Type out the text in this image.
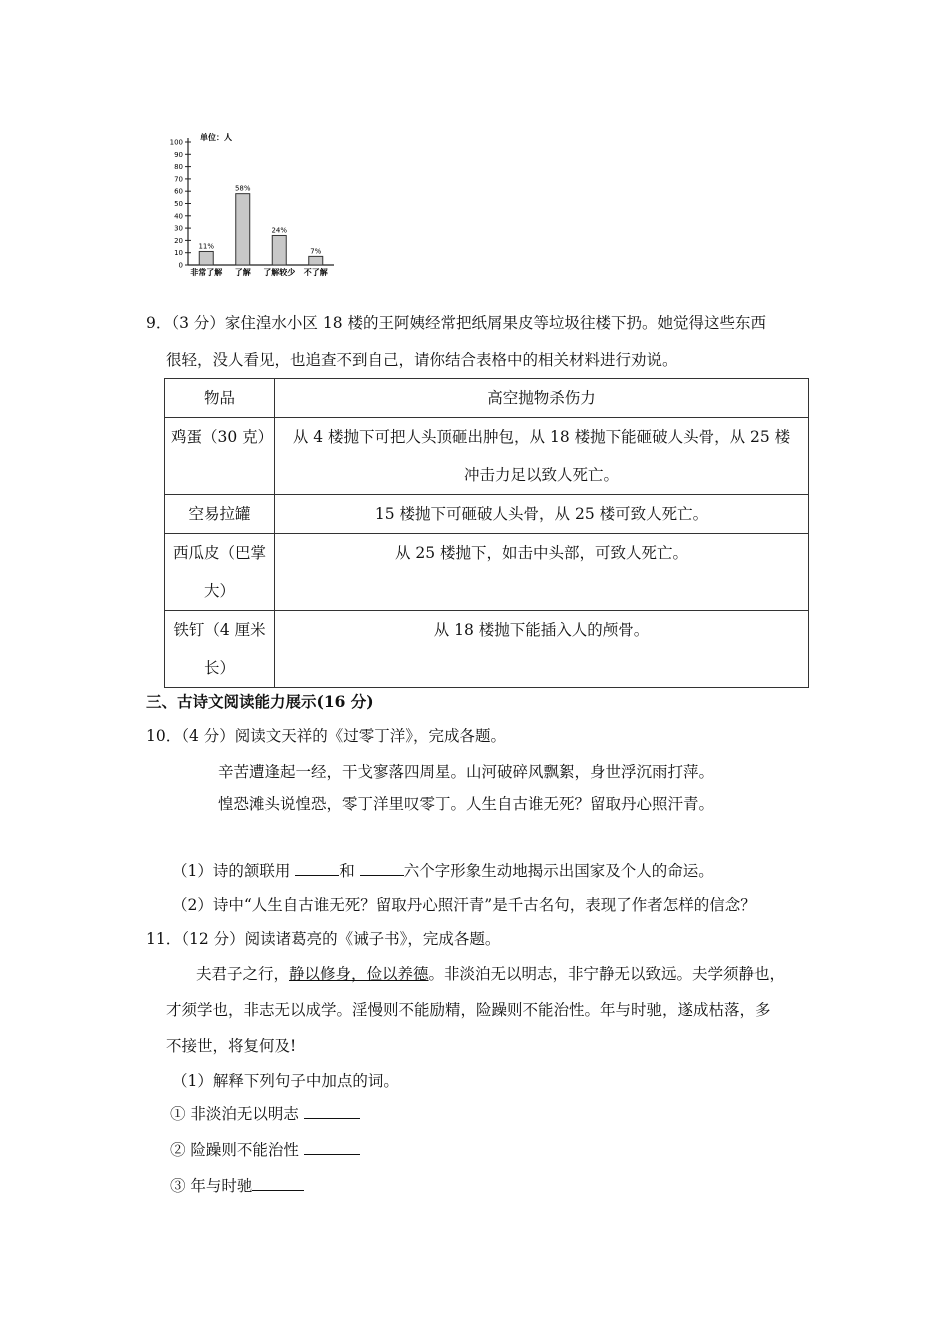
0
10
20
30
40
50
60
70
80
90
100
单位：人
11%
非常了解
58%
了解
24%
了解较少
7%
不了解
9．（3 分）家住湟水小区 18 楼的王阿姨经常把纸屑果皮等垃圾往楼下扔。她觉得这些东西
很轻，没人看见，也追查不到自己，请你结合表格中的相关材料进行劝说。
物品	高空抛物杀伤力

鸡蛋（30 克）	从 4 楼抛下可把人头顶砸出肿包，从 18 楼抛下能砸破人头骨，从 25 楼
冲击力足以致人死亡。

空易拉罐	15 楼抛下可砸破人头骨，从 25 楼可致人死亡。

西瓜皮（巴掌
大）	从 25 楼抛下，如击中头部，可致人死亡。

铁钉（4 厘米
长）	从 18 楼抛下能插入人的颅骨。
三、古诗文阅读能力展示(16 分)
10．（4 分）阅读文天祥的《过零丁洋》，完成各题。
辛苦遭逢起一经，干戈寥落四周星。山河破碎风飘絮，身世浮沉雨打萍。
惶恐滩头说惶恐，零丁洋里叹零丁。人生自古谁无死？留取丹心照汗青。
（1）诗的颔联用	和	六个字形象生动地揭示出国家及个人的命运。
（2）诗中“人生自古谁无死？留取丹心照汗青”是千古名句，表现了作者怎样的信念？
11．（12 分）阅读诸葛亮的《诫子书》，完成各题。
夫君子之行，静以修身，俭以养德。非淡泊无以明志，非宁静无以致远。夫学须静也，
才须学也，非志无以成学。淫慢则不能励精，险躁则不能治性。年与时驰，遂成枯落，多
不接世，将复何及!
（1）解释下列句子中加点的词。
① 非淡泊无以明志
② 险躁则不能治性
③ 年与时驰
